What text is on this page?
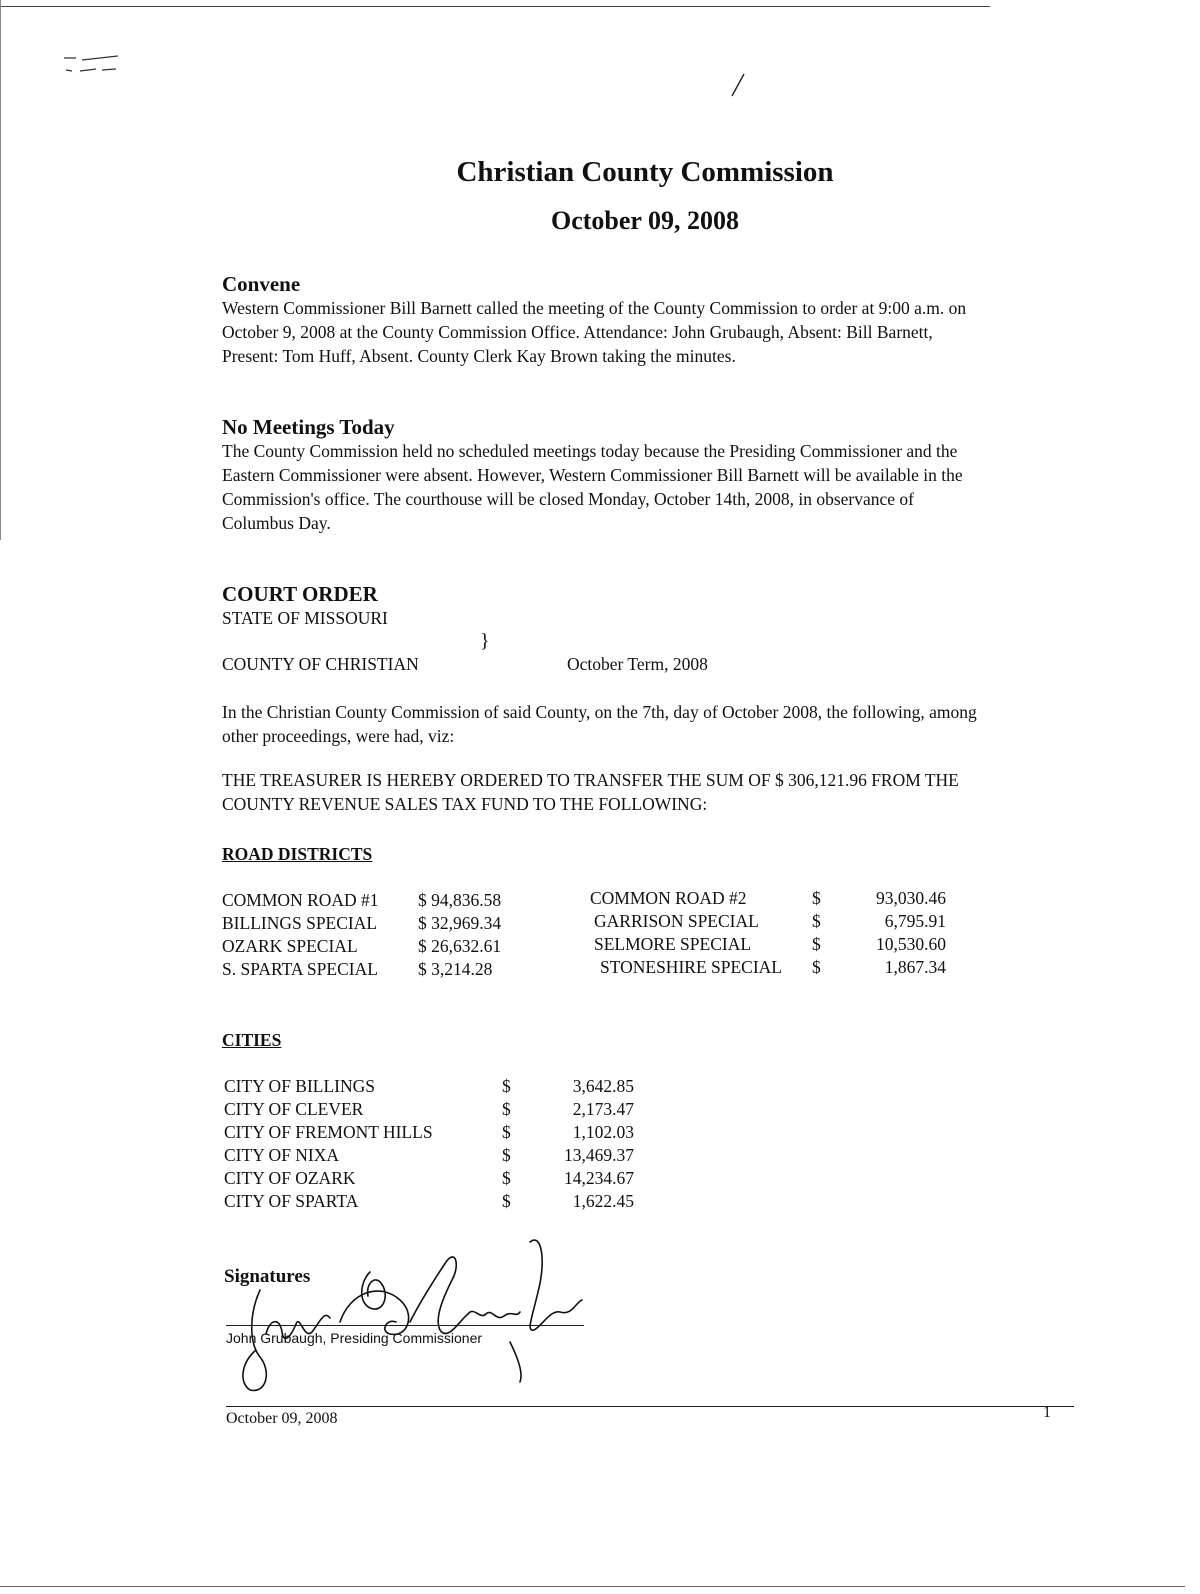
Christian County Commission
October 09, 2008
Convene
Western Commissioner Bill Barnett called the meeting of the County Commission to order at 9:00 a.m. on
October 9, 2008 at the County Commission Office. Attendance: John Grubaugh, Absent: Bill Barnett,
Present: Tom Huff, Absent. County Clerk Kay Brown taking the minutes.
No Meetings Today
The County Commission held no scheduled meetings today because the Presiding Commissioner and the
Eastern Commissioner were absent. However, Western Commissioner Bill Barnett will be available in the
Commission's office. The courthouse will be closed Monday, October 14th, 2008, in observance of
Columbus Day.
COURT ORDER
STATE OF MISSOURI
}
COUNTY OF CHRISTIAN	October Term, 2008
In the Christian County Commission of said County, on the 7th, day of October 2008, the following, among
other proceedings, were had, viz:
THE TREASURER IS HEREBY ORDERED TO TRANSFER THE SUM OF $ 306,121.96 FROM THE
COUNTY REVENUE SALES TAX FUND TO THE FOLLOWING:
ROAD DISTRICTS
COMMON ROAD #1 $ 94,836.58
BILLINGS SPECIAL $ 32,969.34
OZARK SPECIAL	$ 26,632.61
S. SPARTA SPECIAL $ 3,214.28
COMMON ROAD #2	$	93,030.46
GARRISON SPECIAL	$	6,795.91
SELMORE SPECIAL	$	10,530.60
STONESHIRE SPECIAL $	1,867.34
CITIES
CITY OF BILLINGS	$	3,642.85
CITY OF CLEVER	$	2,173.47
CITY OF FREMONT HILLS	$	1,102.03
CITY OF NIXA	$	13,469.37
CITY OF OZARK	$	14,234.67
CITY OF SPARTA	$	1,622.45
Signatures
John Grubaugh, Presiding Commissioner
October 09, 2008	1
